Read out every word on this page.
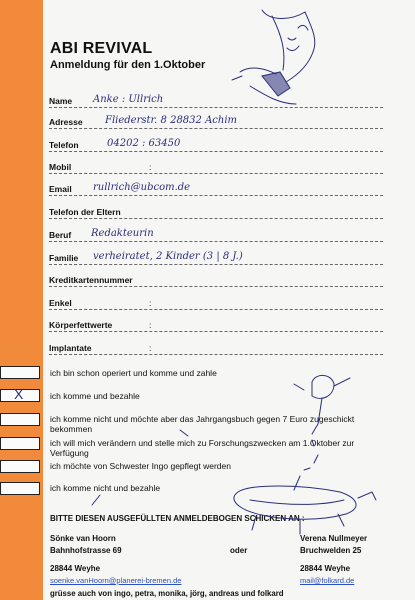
ABI REVIVAL
Anmeldung für den 1.Oktober
Name Anke : Ullrich
Adresse Fliederstr. 8 28832 Achim
Telefon	04202 : 63450
Mobil	:
Email rullrich@ubcom.de
Telefon der Eltern
Beruf Redakteurin
Familie verheiratet, 2 Kinder (3 | 8 J.)
Kreditkartennummer
Enkel	:
Körperfettwerte	:
Implantate	:
ich bin schon operiert und komme und zahle
X	ich komme und bezahle
ich komme nicht und möchte aber das Jahrgangsbuch gegen 7 Euro zugeschickt bekommen
ich will mich verändern und stelle mich zu Forschungszwecken am 1.Oktober zur Verfügung
ich möchte von Schwester Ingo gepflegt werden
ich komme nicht und bezahle
BITTE DIESEN AUSGEFÜLLTEN ANMELDEBOGEN SCHICKEN AN :
Sönke van Hoorn
Bahnhofstrasse 69
28844 Weyhe
soenke.vanHoorn@planerei-bremen.de
oder
Verena Nullmeyer
Bruchwelden 25
28844 Weyhe
mail@folkard.de
grüsse auch von ingo, petra, monika, jörg, andreas und folkard
